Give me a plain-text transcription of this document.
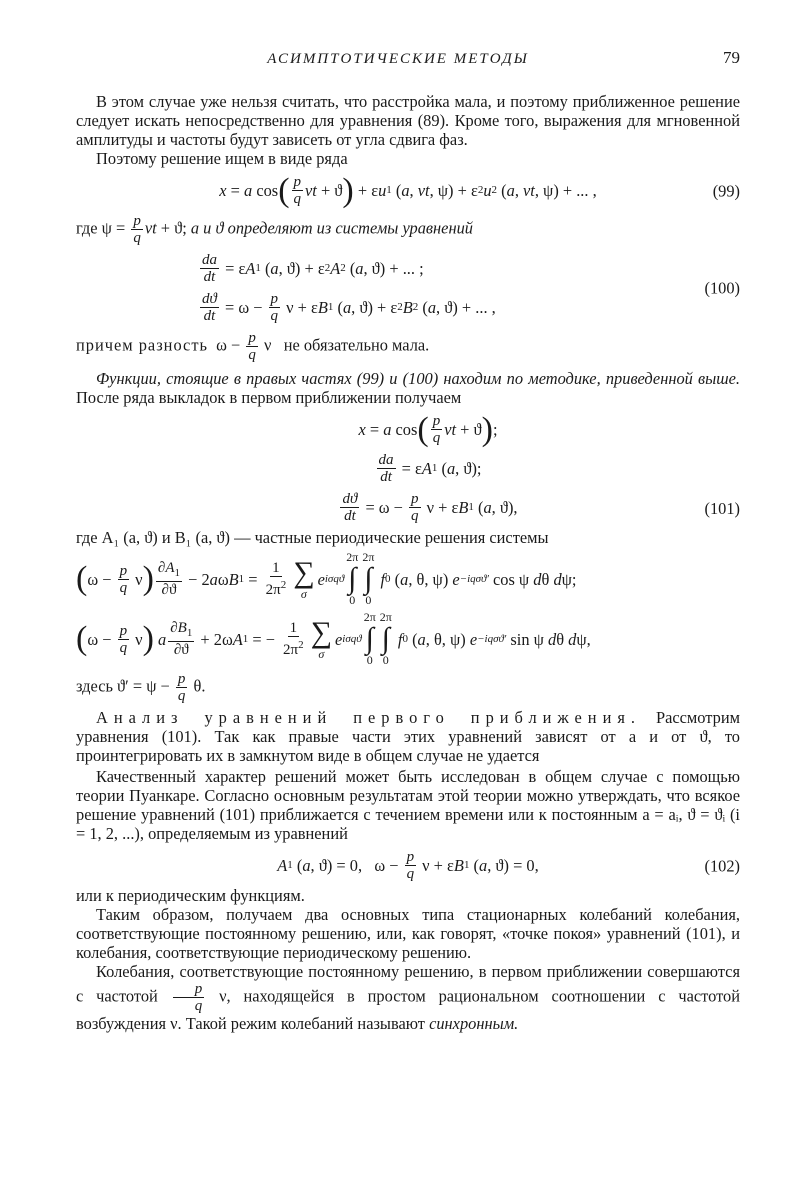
АСИМПТОТИЧЕСКИЕ МЕТОДЫ	79

В этом случае уже нельзя считать, что расстройка мала, и поэтому приближенное решение следует искать непосредственно для уравнения (89). Кроме того, выражения для мгновенной амплитуды и частоты будут зависеть от угла сдвига фаз.

Поэтому решение ищем в виде ряда

x = a cos ( p
q νt + ϑ ) + ε u 1 ( a , νt , ψ) + ε 2 u 2 ( a , νt , ψ) + ... ,	(99)

где $\psi = \frac{p}{q}$ νt + ϑ; a и ϑ определяют из системы уравнений

da
dt = ε A 1 ( a , ϑ) + ε 2 A 2 ( a , ϑ) + ... ;
dϑ
dt = ω − p
q ν + ε B 1 ( a , ϑ) + ε 2 B 2 ( a , ϑ) + ... ,
(100)

причем разность  $\omega - \frac{p}{q}$ ν   не обязательно мала.

Функции, стоящие в правых частях (99) и (100) находим по методике, приведенной выше. После ряда выкладок в первом приближении получаем

x = a cos ( p
q νt + ϑ ) ;
da
dt = ε A 1 ( a , ϑ);
dϑ
dt = ω − p
q ν + ε B 1 ( a , ϑ),	(101)

где A₁ (a, ϑ) и B₁ (a, ϑ) — частные периодические решения системы

( ω − p
q ν ) $\partial A_1$
∂ϑ
− 2 a ω B 1 =
1
$2\pi^2$ ∑
σ
e iσqϑ
2π
∫
0
2π
∫
0

f 0 ( a , θ, ψ) e −iqσϑ′ cos ψ d θ d ψ;
( ω − p
q ν )
a
$\partial B_1$
∂ϑ
+ 2ω A 1 = −
1
$2\pi^2$ ∑
σ
e iσqϑ
2π
∫
0
2π
∫
0

f 0 ( a , θ, ψ) e −iqσϑ′ sin ψ d θ d ψ,

здесь $ϑ' = \psi - \frac{p}{q} \theta$.

Анализ уравнений первого приближения. Рассмотрим уравнения (101). Так как правые части этих уравнений зависят от a и от ϑ, то проинтегрировать их в замкнутом виде в общем случае не удается

Качественный характер решений может быть исследован в общем случае с помощью теории Пуанкаре. Согласно основным результатам этой теории можно утверждать, что всякое решение уравнений (101) приближается с течением времени или к постоянным a = aᵢ, ϑ = ϑᵢ (i = 1, 2, ...), определяемым из уравнений

A 1 ( a , ϑ) = 0,   ω − p
q ν + ε B 1 ( a , ϑ) = 0,	(102)

или к периодическим функциям.

Таким образом, получаем два основных типа стационарных колебаний колебания, соответствующие постоянному решению, или, как говорят, «точке покоя» уравнений (101), и колебания, соответствующие периодическому решению.

Колебания, соответствующие постоянному решению, в первом приближении совершаются с частотой $\frac{p}{q} \nu$, находящейся в простом рациональном соотношении с частотой возбуждения ν. Такой режим колебаний называют синхронным.
